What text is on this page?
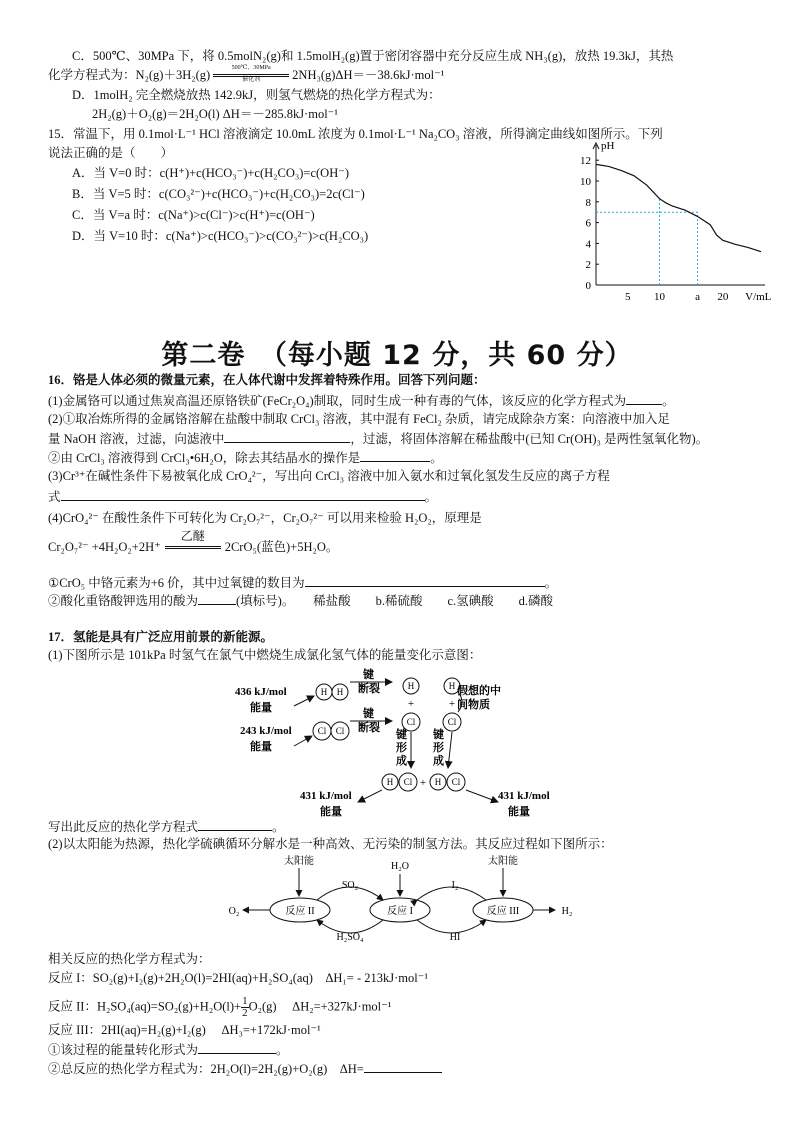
C．500℃、30MPa 下，将 0.5molN₂(g)和 1.5molH₂(g)置于密闭容器中充分反应生成 NH₃(g)，放热 19.3kJ，其热
化学方程式为：N₂(g)＋3H₂(g)	500℃、30MPa
催化剂	2NH₃(g)ΔH＝－38.6kJ·mol⁻¹
D．1molH₂ 完全燃烧放热 142.9kJ，则氢气燃烧的热化学方程式为：
2H₂(g)＋O₂(g)＝2H₂O(l) ΔH＝－285.8kJ·mol⁻¹
15．常温下，用 0.1mol·L⁻¹ HCl 溶液滴定 10.0mL 浓度为 0.1mol·L⁻¹ Na₂CO₃ 溶液，所得滴定曲线如图所示。下列
说法正确的是（　　）
A．当 V=0 时：c(H⁺)+c(HCO₃⁻)+c(H₂CO₃)=c(OH⁻)
B．当 V=5 时：c(CO₃²⁻)+c(HCO₃⁻)+c(H₂CO₃)=2c(Cl⁻)
C．当 V=a 时：c(Na⁺)>c(Cl⁻)>c(H⁺)=c(OH⁻)
D．当 V=10 时：c(Na⁺)>c(HCO₃⁻)>c(CO₃²⁻)>c(H₂CO₃)
pH
0
2
4
6
8
10
12
5 10	a 20 V/mL
第二卷　（每小题 12 分，共 60 分）
16．铬是人体必须的微量元素，在人体代谢中发挥着特殊作用。回答下列问题：
(1)金属铬可以通过焦炭高温还原铬铁矿(FeCr₂O₄)制取，同时生成一种有毒的气体，该反应的化学方程式为	。
(2)①取冶炼所得的金属铬溶解在盐酸中制取 CrCl₃ 溶液，其中混有 FeCl₂ 杂质，请完成除杂方案：向溶液中加入足
量 NaOH 溶液，过滤，向滤液中	，过滤，将固体溶解在稀盐酸中(已知 Cr(OH)₃ 是两性氢氧化物)。
②由 CrCl₃ 溶液得到 CrCl₃•6H₂O，除去其结晶水的操作是	。
(3)Cr³⁺在碱性条件下易被氧化成 CrO₄²⁻，写出向 CrCl₃ 溶液中加入氨水和过氧化氢发生反应的离子方程
式	。
(4)CrO₄²⁻ 在酸性条件下可转化为 Cr₂O₇²⁻，Cr₂O₇²⁻ 可以用来检验 H₂O₂，原理是
Cr₂O₇²⁻ +4H₂O₂+2H⁺
乙醚
2CrO₅(蓝色)+5H₂O。
①CrO₅ 中铬元素为+6 价，其中过氧键的数目为	。
②酸化重铬酸钾选用的酸为	(填标号)。　　稀盐酸　　b.稀硫酸　　c.氢碘酸　　d.磷酸
17．氢能是具有广泛应用前景的新能源。
(1)下图所示是 101kPa 时氢气在氯气中燃烧生成氯化氢气体的能量变化示意图：
436 kJ/mol
能量
243 kJ/mol
能量
431 kJ/mol
能量
431 kJ/mol
能量
假想的中
间物质
键
断裂
键
断裂
键
形
成
键
形
成
H H
Cl Cl
H
Cl
H
Cl
H Cl H Cl
+	+
+
写出此反应的热化学方程式	。
(2)以太阳能为热源，热化学硫碘循环分解水是一种高效、无污染的制氢方法。其反应过程如下图所示：
太阳能	H₂O	太阳能
SO₂
H₂SO₄
I₂
HI
反应 II	反应 I	反应 III
O₂	H₂
相关反应的热化学方程式为：
反应 I：SO₂(g)+I₂(g)+2H₂O(l)=2HI(aq)+H₂SO₄(aq)　ΔH₁= - 213kJ·mol⁻¹
反应 II：$H_2SO_4(aq)=SO_2(g)+H_2O(l)+ \frac{1}{2} O_2(g)$　 ΔH₂=+327kJ·mol⁻¹
反应 III：2HI(aq)=H₂(g)+I₂(g)　 ΔH₃=+172kJ·mol⁻¹
①该过程的能量转化形式为	。
②总反应的热化学方程式为：2H₂O(l)=2H₂(g)+O₂(g)　ΔH=
